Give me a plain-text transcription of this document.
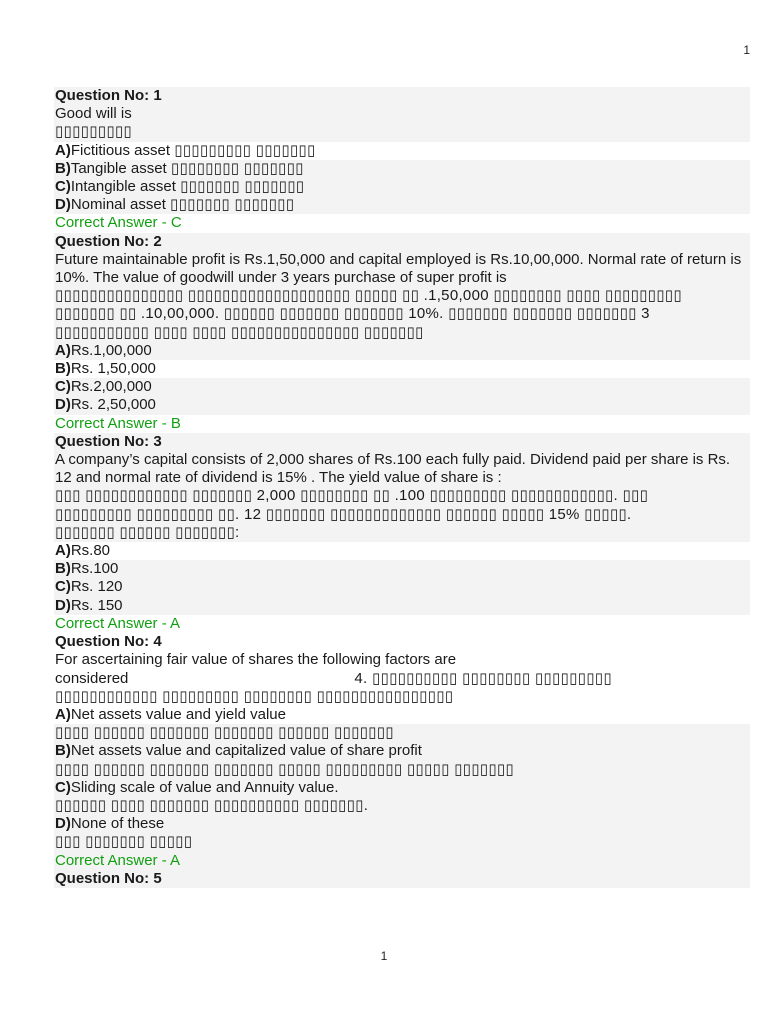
1
Question No: 1
Good will is
▯▯▯▯▯▯▯▯▯
A)Fictitious asset ▯▯▯▯▯▯▯▯▯ ▯▯▯▯▯▯▯
B)Tangible asset ▯▯▯▯▯▯▯▯ ▯▯▯▯▯▯▯
C)Intangible asset ▯▯▯▯▯▯▯ ▯▯▯▯▯▯▯
D)Nominal asset ▯▯▯▯▯▯▯ ▯▯▯▯▯▯▯
Correct Answer - C
Question No: 2
Future maintainable profit is Rs.1,50,000 and capital employed is Rs.10,00,000. Normal rate of return is 10%. The value of goodwill under 3 years purchase of super profit is
▯▯▯▯▯▯▯▯▯▯▯▯▯▯▯ ▯▯▯▯▯▯▯▯▯▯▯▯▯▯▯▯▯▯▯ ▯▯▯▯▯ ▯▯ .1,50,000 ▯▯▯▯▯▯▯▯ ▯▯▯▯ ▯▯▯▯▯▯▯▯▯
▯▯▯▯▯▯▯ ▯▯ .10,00,000. ▯▯▯▯▯▯ ▯▯▯▯▯▯▯ ▯▯▯▯▯▯▯ 10%. ▯▯▯▯▯▯▯ ▯▯▯▯▯▯▯ ▯▯▯▯▯▯▯ 3
▯▯▯▯▯▯▯▯▯▯▯ ▯▯▯▯ ▯▯▯▯ ▯▯▯▯▯▯▯▯▯▯▯▯▯▯▯ ▯▯▯▯▯▯▯
A)Rs.1,00,000
B)Rs. 1,50,000
C)Rs.2,00,000
D)Rs. 2,50,000
Correct Answer - B
Question No: 3
A company’s capital consists of 2,000 shares of Rs.100 each fully paid. Dividend paid per share is Rs. 12 and normal rate of dividend is 15% . The yield value of share is :
▯▯▯ ▯▯▯▯▯▯▯▯▯▯▯▯ ▯▯▯▯▯▯▯ 2,000 ▯▯▯▯▯▯▯▯ ▯▯ .100 ▯▯▯▯▯▯▯▯▯ ▯▯▯▯▯▯▯▯▯▯▯▯. ▯▯▯
▯▯▯▯▯▯▯▯▯ ▯▯▯▯▯▯▯▯▯ ▯▯. 12 ▯▯▯▯▯▯▯ ▯▯▯▯▯▯▯▯▯▯▯▯▯ ▯▯▯▯▯▯ ▯▯▯▯▯ 15% ▯▯▯▯▯.
▯▯▯▯▯▯▯ ▯▯▯▯▯▯ ▯▯▯▯▯▯▯:
A)Rs.80
B)Rs.100
C)Rs. 120
D)Rs. 150
Correct Answer - A
Question No: 4
For ascertaining fair value of shares the following factors are
considered	4. ▯▯▯▯▯▯▯▯▯▯ ▯▯▯▯▯▯▯▯ ▯▯▯▯▯▯▯▯▯
▯▯▯▯▯▯▯▯▯▯▯▯ ▯▯▯▯▯▯▯▯▯ ▯▯▯▯▯▯▯▯ ▯▯▯▯▯▯▯▯▯▯▯▯▯▯▯▯
A)Net assets value and yield value
▯▯▯▯ ▯▯▯▯▯▯ ▯▯▯▯▯▯▯ ▯▯▯▯▯▯▯ ▯▯▯▯▯▯ ▯▯▯▯▯▯▯
B)Net assets value and capitalized value of share profit
▯▯▯▯ ▯▯▯▯▯▯ ▯▯▯▯▯▯▯ ▯▯▯▯▯▯▯ ▯▯▯▯▯ ▯▯▯▯▯▯▯▯▯ ▯▯▯▯▯ ▯▯▯▯▯▯▯
C)Sliding scale of value and Annuity value.
▯▯▯▯▯▯ ▯▯▯▯ ▯▯▯▯▯▯▯ ▯▯▯▯▯▯▯▯▯▯ ▯▯▯▯▯▯▯.
D)None of these
▯▯▯ ▯▯▯▯▯▯▯ ▯▯▯▯▯
Correct Answer - A
Question No: 5
1
